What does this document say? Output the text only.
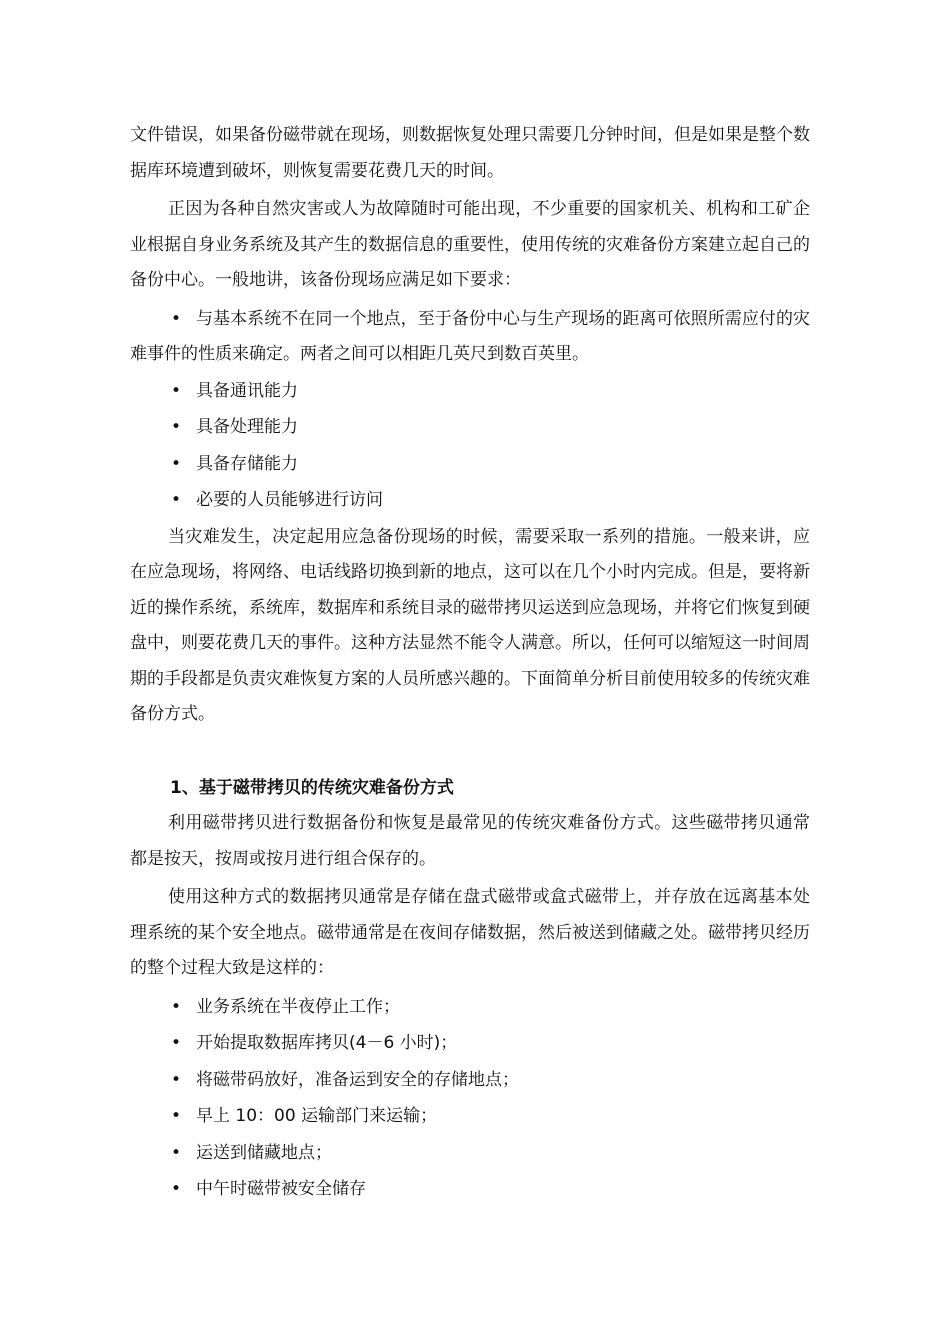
文件错误，如果备份磁带就在现场，则数据恢复处理只需要几分钟时间，但是如果是整个数据库环境遭到破坏，则恢复需要花费几天的时间。

正因为各种自然灾害或人为故障随时可能出现，不少重要的国家机关、机构和工矿企业根据自身业务系统及其产生的数据信息的重要性，使用传统的灾难备份方案建立起自己的备份中心。一般地讲，该备份现场应满足如下要求：

• 与基本系统不在同一个地点，至于备份中心与生产现场的距离可依照所需应付的灾难事件的性质来确定。两者之间可以相距几英尺到数百英里。
• 具备通讯能力
• 具备处理能力
• 具备存储能力
• 必要的人员能够进行访问

当灾难发生，决定起用应急备份现场的时候，需要采取一系列的措施。一般来讲，应在应急现场，将网络、电话线路切换到新的地点，这可以在几个小时内完成。但是，要将新近的操作系统，系统库，数据库和系统目录的磁带拷贝运送到应急现场，并将它们恢复到硬盘中，则要花费几天的事件。这种方法显然不能令人满意。所以，任何可以缩短这一时间周期的手段都是负责灾难恢复方案的人员所感兴趣的。下面简单分析目前使用较多的传统灾难备份方式。

1、基于磁带拷贝的传统灾难备份方式

利用磁带拷贝进行数据备份和恢复是最常见的传统灾难备份方式。这些磁带拷贝通常都是按天，按周或按月进行组合保存的。

使用这种方式的数据拷贝通常是存储在盘式磁带或盒式磁带上，并存放在远离基本处理系统的某个安全地点。磁带通常是在夜间存储数据，然后被送到储藏之处。磁带拷贝经历的整个过程大致是这样的：

• 业务系统在半夜停止工作；
• 开始提取数据库拷贝(4－6 小时)；
• 将磁带码放好，准备运到安全的存储地点；
• 早上 10：00 运输部门来运输；
• 运送到储藏地点；
• 中午时磁带被安全储存
